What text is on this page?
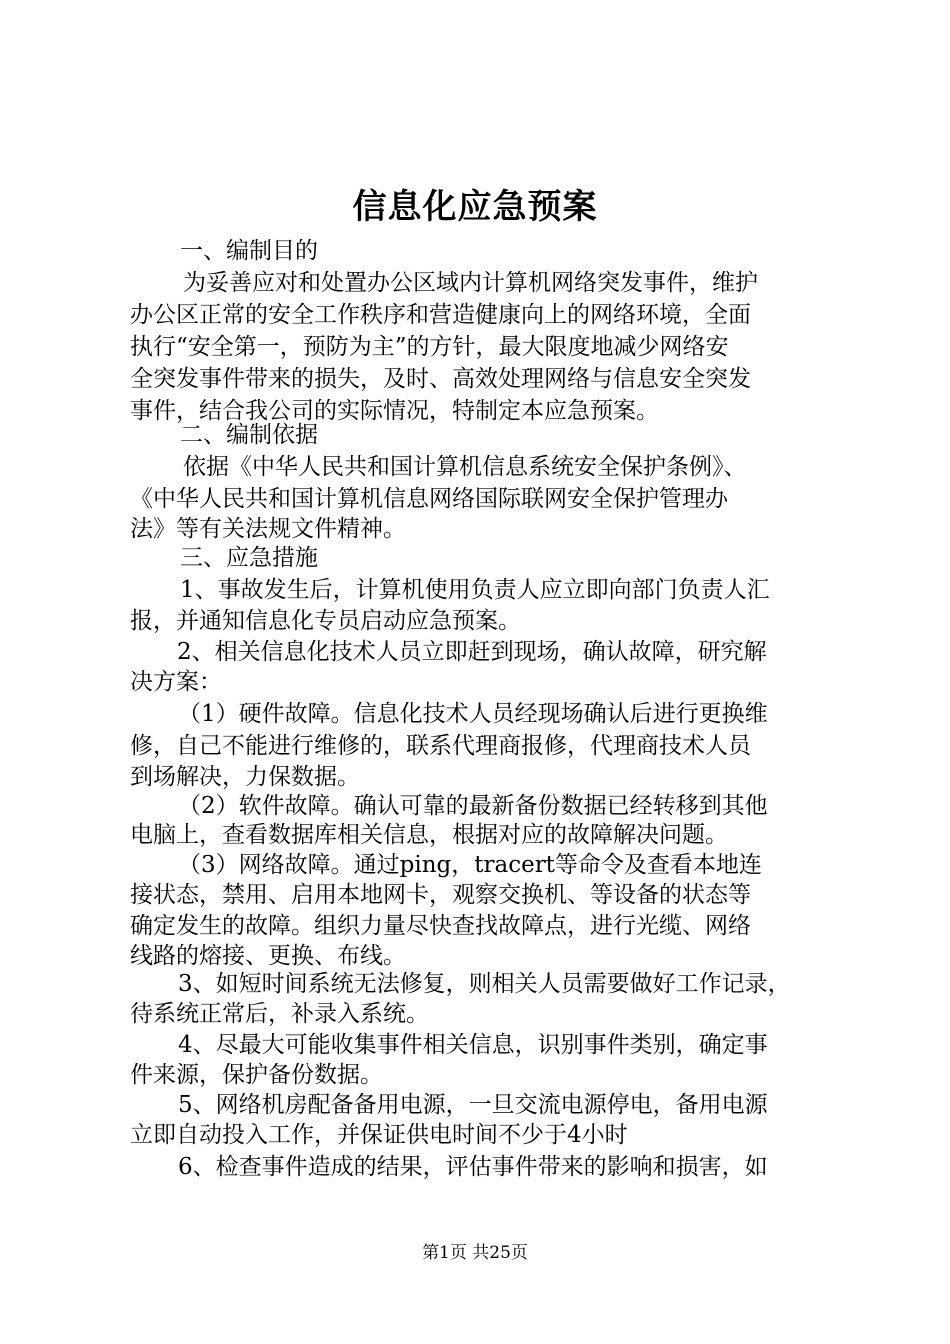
信息化应急预案
一、编制目的
为妥善应对和处置办公区域内计算机网络突发事件，维护
办公区正常的安全工作秩序和营造健康向上的网络环境，全面
执行“安全第一，预防为主”的方针，最大限度地减少网络安
全突发事件带来的损失，及时、高效处理网络与信息安全突发
事件，结合我公司的实际情况，特制定本应急预案。
二、编制依据
依据《中华人民共和国计算机信息系统安全保护条例》、
《中华人民共和国计算机信息网络国际联网安全保护管理办
法》等有关法规文件精神。
三、应急措施
1、事故发生后，计算机使用负责人应立即向部门负责人汇
报，并通知信息化专员启动应急预案。
2、相关信息化技术人员立即赶到现场，确认故障，研究解
决方案：
（1）硬件故障。信息化技术人员经现场确认后进行更换维
修，自己不能进行维修的，联系代理商报修，代理商技术人员
到场解决，力保数据。
（2）软件故障。确认可靠的最新备份数据已经转移到其他
电脑上，查看数据库相关信息，根据对应的故障解决问题。
（3）网络故障。通过ping，tracert等命令及查看本地连
接状态，禁用、启用本地网卡，观察交换机、等设备的状态等
确定发生的故障。组织力量尽快查找故障点，进行光缆、网络
线路的熔接、更换、布线。
3、如短时间系统无法修复，则相关人员需要做好工作记录，
待系统正常后，补录入系统。
4、尽最大可能收集事件相关信息，识别事件类别，确定事
件来源，保护备份数据。
5、网络机房配备备用电源，一旦交流电源停电，备用电源
立即自动投入工作，并保证供电时间不少于4小时
6、检查事件造成的结果，评估事件带来的影响和损害，如
第1页 共25页
